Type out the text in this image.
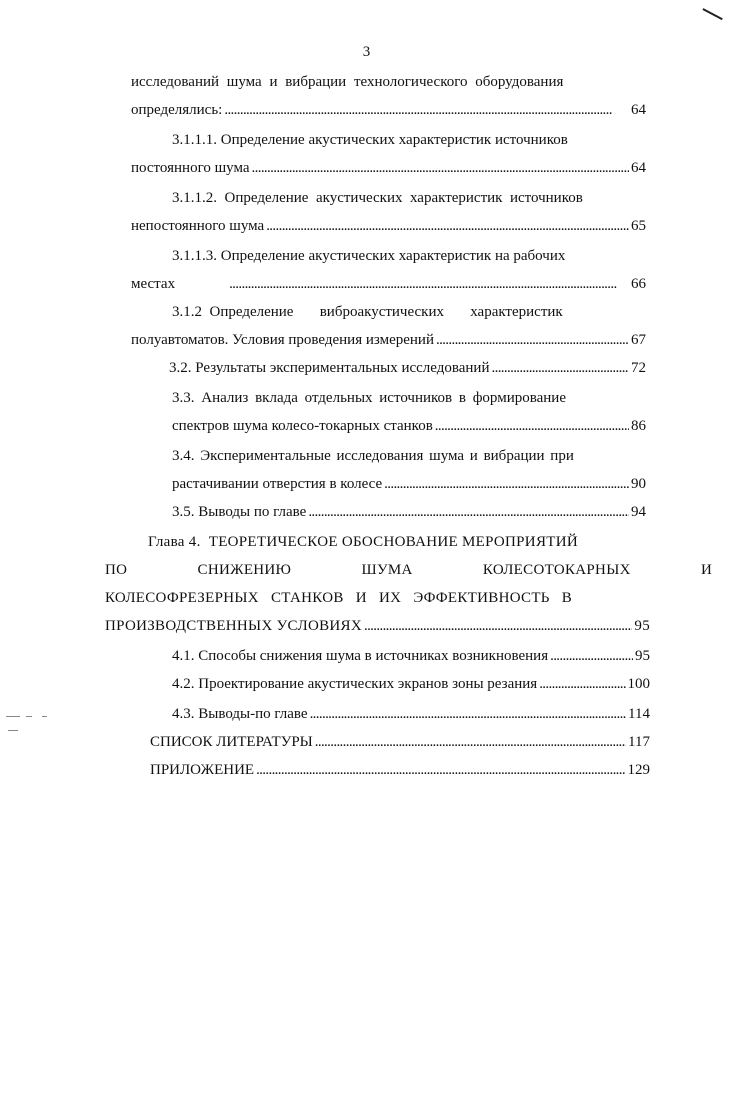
3
исследований шума и вибрации технологического оборудования
определялись: . . .	64
3.1.1.1. Определение акустических характеристик источников
постоянного шума . . .	64
3.1.1.2.  Определение  акустических  характеристик  источников
непостоянного шума . . .	65
3.1.1.3. Определение акустических характеристик на рабочих
местах . . .	66
3.1.2  Определение       виброакустических       характеристик
полуавтоматов. Условия проведения измерений . . .	67
3.2. Результаты экспериментальных исследований . . .	72
3.3. Анализ вклада отдельных источников в формирование
спектров шума колесо-токарных станков . . .	86
3.4. Экспериментальные исследования шума и вибрации при
растачивании отверстия в колесе . . .	90
3.5. Выводы по главе . . .	94
Глава 4.  ТЕОРЕТИЧЕСКОЕ ОБОСНОВАНИЕ МЕРОПРИЯТИЙ
ПО     СНИЖЕНИЮ     ШУМА     КОЛЕСОТОКАРНЫХ     И
КОЛЕСОФРЕЗЕРНЫХ  СТАНКОВ  И  ИХ  ЭФФЕКТИВНОСТЬ  В
ПРОИЗВОДСТВЕННЫХ УСЛОВИЯХ . . .	95
4.1. Способы снижения шума в источниках возникновения . . .	95
4.2. Проектирование акустических экранов зоны резания . . .	100
4.3. Выводы-по главе . . .	114
СПИСОК ЛИТЕРАТУРЫ . . .	117
ПРИЛОЖЕНИЕ . . .	129
